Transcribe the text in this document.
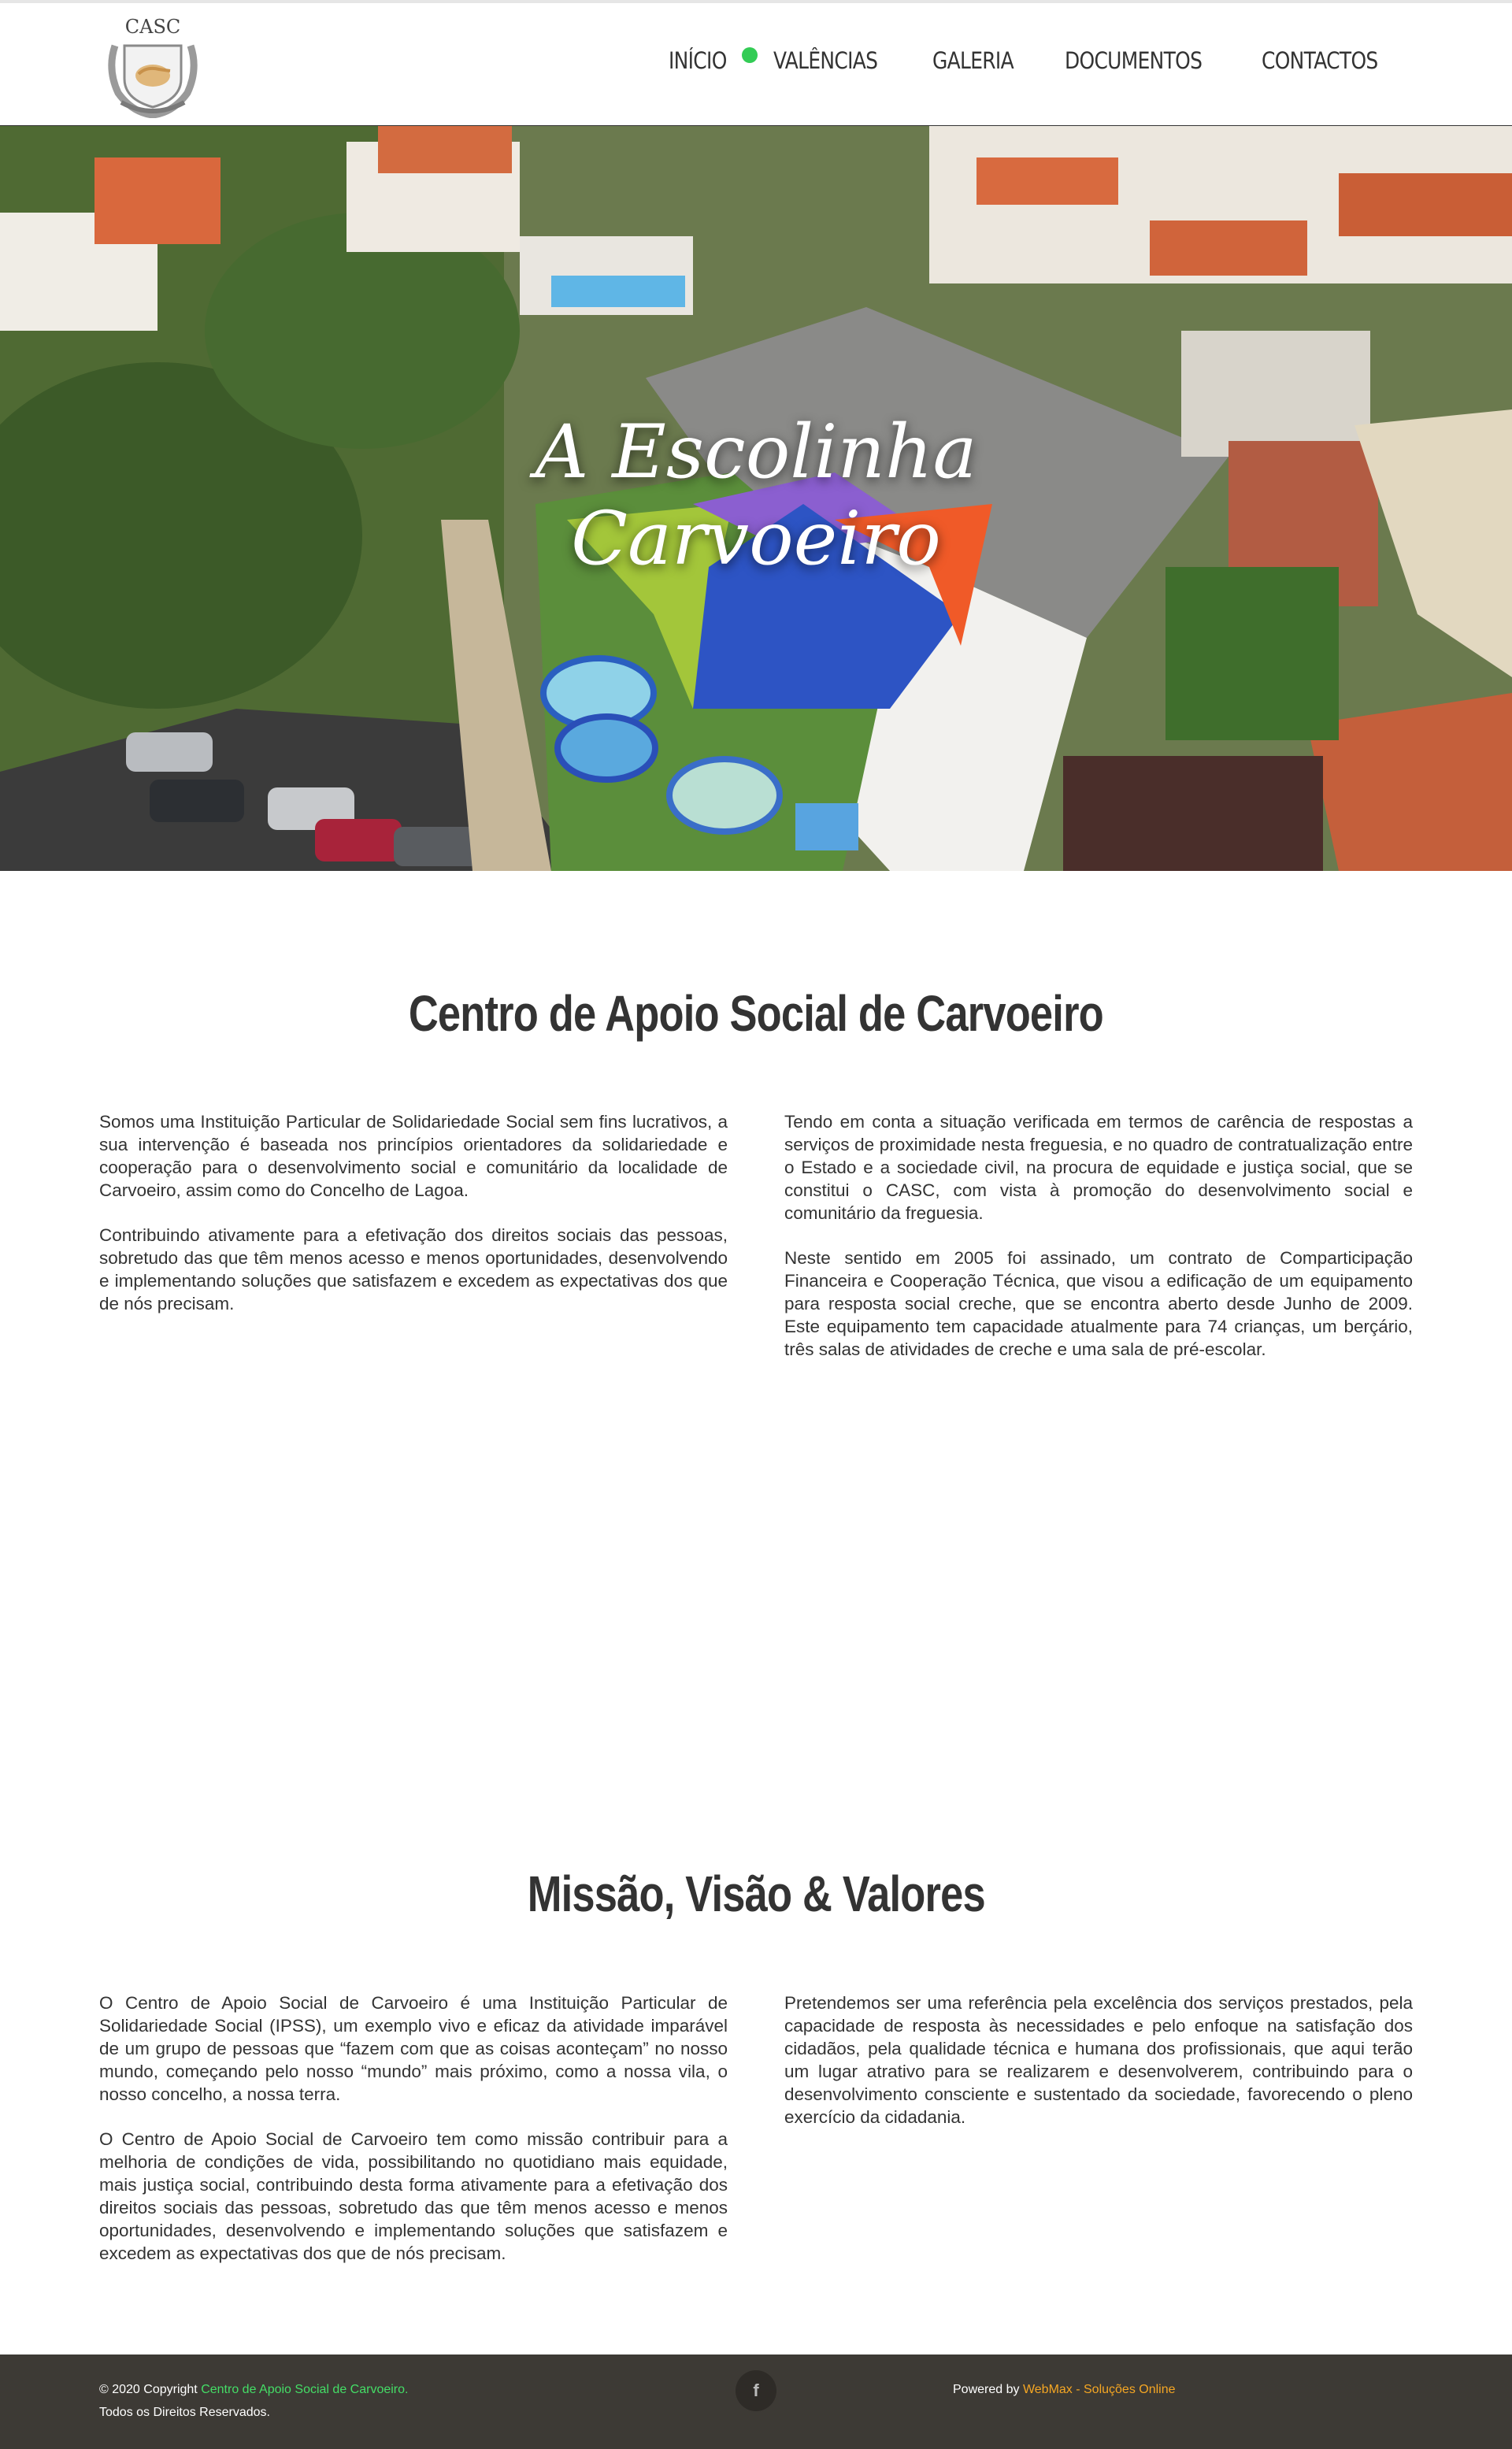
CASC
INÍCIO VALÊNCIAS GALERIA DOCUMENTOS	CONTACTOS
A Escolinha
Carvoeiro
Centro de Apoio Social de Carvoeiro

Somos uma Instituição Particular de Solidariedade Social sem fins lucrativos, a sua intervenção é baseada nos princípios orientadores da solidariedade e cooperação para o desenvolvimento social e comunitário da localidade de Carvoeiro, assim como do Concelho de Lagoa.

Contribuindo ativamente para a efetivação dos direitos sociais das pessoas, sobretudo das que têm menos acesso e menos oportunidades, desenvolvendo e implementando soluções que satisfazem e excedem as expectativas dos que de nós precisam.

Tendo em conta a situação verificada em termos de carência de respostas a serviços de proximidade nesta freguesia, e no quadro de contratualização entre o Estado e a sociedade civil, na procura de equidade e justiça social, que se constitui o CASC, com vista à promoção do desenvolvimento social e comunitário da freguesia.

Neste sentido em 2005 foi assinado, um contrato de Comparticipação Financeira e Cooperação Técnica, que visou a edificação de um equipamento para resposta social creche, que se encontra aberto desde Junho de 2009. Este equipamento tem capacidade atualmente para 74 crianças, um berçário, três salas de atividades de creche e uma sala de pré-escolar.

Missão, Visão & Valores

O Centro de Apoio Social de Carvoeiro é uma Instituição Particular de Solidariedade Social (IPSS), um exemplo vivo e eficaz da atividade imparável de um grupo de pessoas que “fazem com que as coisas aconteçam” no nosso mundo, começando pelo nosso “mundo” mais próximo, como a nossa vila, o nosso concelho, a nossa terra.

O Centro de Apoio Social de Carvoeiro tem como missão contribuir para a melhoria de condições de vida, possibilitando no quotidiano mais equidade, mais justiça social, contribuindo desta forma ativamente para a efetivação dos direitos sociais das pessoas, sobretudo das que têm menos acesso e menos oportunidades, desenvolvendo e implementando soluções que satisfazem e excedem as expectativas dos que de nós precisam.

Pretendemos ser uma referência pela excelência dos serviços prestados, pela capacidade de resposta às necessidades e pelo enfoque na satisfação dos cidadãos, pela qualidade técnica e humana dos profissionais, que aqui terão um lugar atrativo para se realizarem e desenvolverem, contribuindo para o desenvolvimento consciente e sustentado da sociedade, favorecendo o pleno exercício da cidadania.

© 2020 Copyright Centro de Apoio Social de Carvoeiro.
Todos os Direitos Reservados.
f	Powered by WebMax - Soluções Online
